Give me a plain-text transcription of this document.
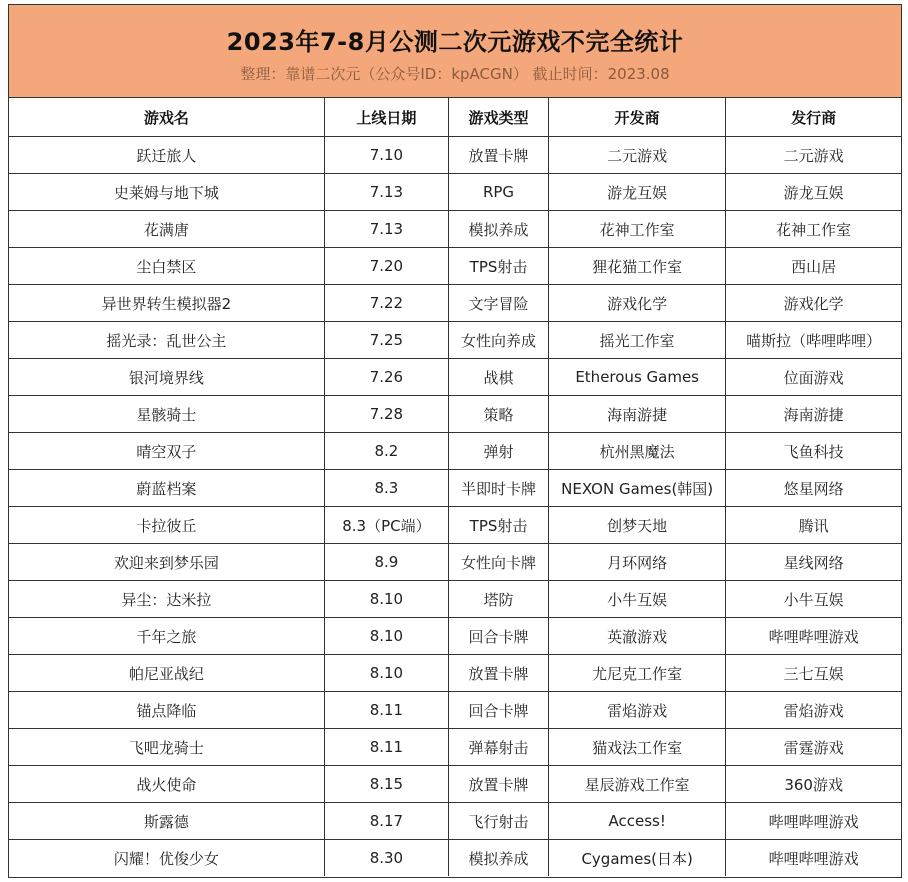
2023年7-8月公测二次元游戏不完全统计
整理：靠谱二次元（公众号ID：kpACGN） 截止时间：2023.08
游戏名	上线日期	游戏类型	开发商	发行商
跃迁旅人	7.10	放置卡牌	二元游戏	二元游戏
史莱姆与地下城	7.13	RPG	游龙互娱	游龙互娱
花满唐	7.13	模拟养成	花神工作室	花神工作室
尘白禁区	7.20	TPS射击	狸花猫工作室	西山居
异世界转生模拟器2	7.22	文字冒险	游戏化学	游戏化学
摇光录：乱世公主	7.25	女性向养成	摇光工作室	喵斯拉（哔哩哔哩）
银河境界线	7.26	战棋	Etherous Games	位面游戏
星骸骑士	7.28	策略	海南游捷	海南游捷
晴空双子	8.2	弹射	杭州黑魔法	飞鱼科技
蔚蓝档案	8.3	半即时卡牌	NEXON Games(韩国)	悠星网络
卡拉彼丘	8.3（PC端）	TPS射击	创梦天地	腾讯
欢迎来到梦乐园	8.9	女性向卡牌	月环网络	星线网络
异尘：达米拉	8.10	塔防	小牛互娱	小牛互娱
千年之旅	8.10	回合卡牌	英澈游戏	哔哩哔哩游戏
帕尼亚战纪	8.10	放置卡牌	尤尼克工作室	三七互娱
锚点降临	8.11	回合卡牌	雷焰游戏	雷焰游戏
飞吧龙骑士	8.11	弹幕射击	猫戏法工作室	雷霆游戏
战火使命	8.15	放置卡牌	星辰游戏工作室	360游戏
斯露德	8.17	飞行射击	Access!	哔哩哔哩游戏
闪耀！优俊少女	8.30	模拟养成	Cygames(日本)	哔哩哔哩游戏
